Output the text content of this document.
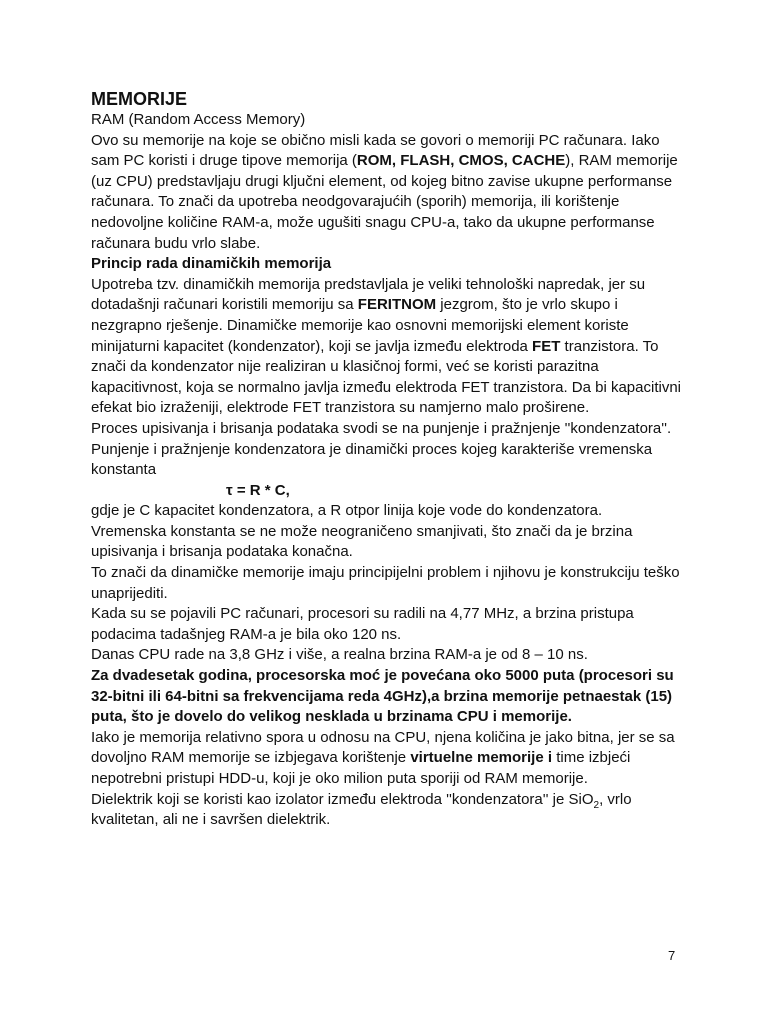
MEMORIJE

RAM (Random Access Memory)

Ovo su memorije na koje se obično misli kada se govori o memoriji PC računara. Iako sam PC koristi i druge tipove memorija (ROM, FLASH, CMOS, CACHE), RAM memorije (uz CPU) predstavljaju drugi ključni element, od kojeg bitno zavise ukupne performanse računara. To znači da upotreba neodgovarajućih (sporih) memorija, ili korištenje nedovoljne količine RAM-a, može ugušiti snagu CPU-a, tako da ukupne performanse računara budu vrlo slabe.

Princip rada dinamičkih memorija

Upotreba tzv. dinamičkih memorija predstavljala je veliki tehnološki napredak, jer su dotadašnji računari koristili memoriju sa FERITNOM jezgrom, što je vrlo skupo i nezgrapno rješenje. Dinamičke memorije kao osnovni memorijski element koriste minijaturni kapacitet (kondenzator), koji se javlja između elektroda FET tranzistora. To znači da kondenzator nije realiziran u klasičnoj formi, već se koristi parazitna kapacitivnost, koja se normalno javlja između elektroda FET tranzistora. Da bi kapacitivni efekat bio izraženiji, elektrode FET tranzistora su namjerno malo proširene.

Proces upisivanja i brisanja podataka svodi se na punjenje i pražnjenje ''kondenzatora''. Punjenje i pražnjenje kondenzatora je dinamički proces kojeg karakteriše vremenska konstanta

τ = R * C,

gdje je C kapacitet kondenzatora, a R otpor linija koje vode do kondenzatora.

Vremenska konstanta se ne može neograničeno smanjivati, što znači da je brzina upisivanja i brisanja podataka konačna.

To znači da dinamičke memorije imaju principijelni problem i njihovu je konstrukciju teško unaprijediti.

Kada su se pojavili PC računari, procesori su radili na 4,77 MHz, a brzina pristupa podacima tadašnjeg RAM-a je bila oko 120 ns.

Danas CPU rade na 3,8 GHz i više, a realna brzina RAM-a je od 8 – 10 ns.

Za dvadesetak godina, procesorska moć je povećana oko 5000 puta (procesori su 32-bitni ili 64-bitni sa frekvencijama reda 4GHz),a brzina memorije petnaestak (15) puta, što je dovelo do velikog nesklada u brzinama CPU i memorije.

Iako je memorija relativno spora u odnosu na CPU, njena količina je jako bitna, jer se sa dovoljno RAM memorije se izbjegava korištenje virtuelne memorije i time izbjeći nepotrebni pristupi HDD-u, koji je oko milion puta sporiji od RAM memorije.

Dielektrik koji se koristi kao izolator između elektroda ''kondenzatora'' je SiO$_2$, vrlo kvalitetan, ali ne i savršen dielektrik.

7
